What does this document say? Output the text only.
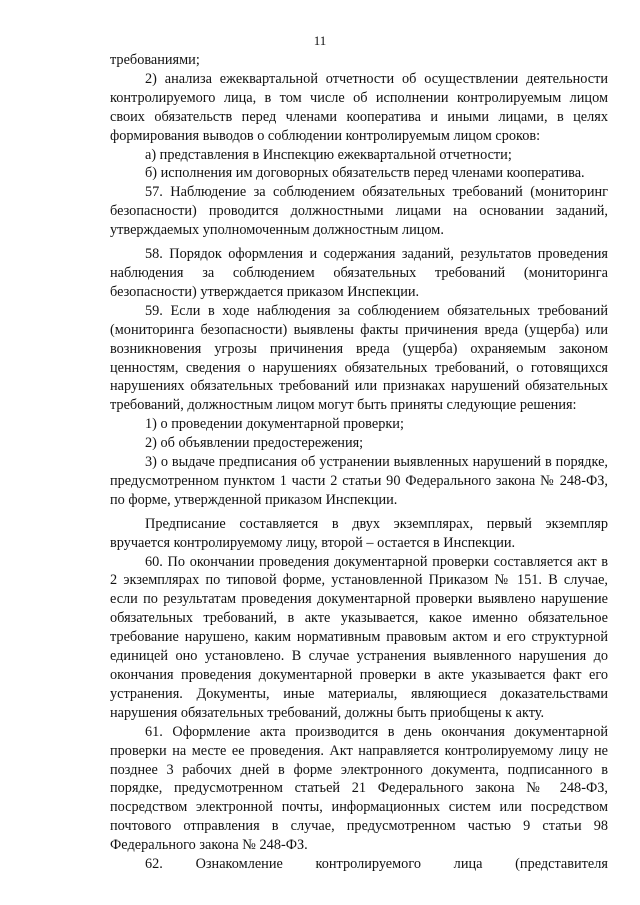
11

требованиями;

2) анализа ежеквартальной отчетности об осуществлении деятельности контролируемого лица, в том числе об исполнении контролируемым лицом своих обязательств перед членами кооператива и иными лицами, в целях формирования выводов о соблюдении контролируемым лицом сроков:

а) представления в Инспекцию ежеквартальной отчетности;

б) исполнения им договорных обязательств перед членами кооператива.

57. Наблюдение за соблюдением обязательных требований (мониторинг безопасности) проводится должностными лицами на основании заданий, утверждаемых уполномоченным должностным лицом.

58. Порядок оформления и содержания заданий, результатов проведения наблюдения за соблюдением обязательных требований (мониторинга безопасности) утверждается приказом Инспекции.

59. Если в ходе наблюдения за соблюдением обязательных требований (мониторинга безопасности) выявлены факты причинения вреда (ущерба) или возникновения угрозы причинения вреда (ущерба) охраняемым законом ценностям, сведения о нарушениях обязательных требований, о готовящихся нарушениях обязательных требований или признаках нарушений обязательных требований, должностным лицом могут быть приняты следующие решения:

1) о проведении документарной проверки;

2) об объявлении предостережения;

3) о выдаче предписания об устранении выявленных нарушений в порядке, предусмотренном пунктом 1 части 2 статьи 90 Федерального закона № 248-ФЗ, по форме, утвержденной приказом Инспекции.

Предписание составляется в двух экземплярах, первый экземпляр вручается контролируемому лицу, второй – остается в Инспекции.

60. По окончании проведения документарной проверки составляется акт в 2 экземплярах по типовой форме, установленной Приказом № 151. В случае, если по результатам проведения документарной проверки выявлено нарушение обязательных требований, в акте указывается, какое именно обязательное требование нарушено, каким нормативным правовым актом и его структурной единицей оно установлено. В случае устранения выявленного нарушения до окончания проведения документарной проверки в акте указывается факт его устранения. Документы, иные материалы, являющиеся доказательствами нарушения обязательных требований, должны быть приобщены к акту.

61. Оформление акта производится в день окончания документарной проверки на месте ее проведения. Акт направляется контролируемому лицу не позднее 3 рабочих дней в форме электронного документа, подписанного в порядке, предусмотренном статьей 21 Федерального закона № 248-ФЗ, посредством электронной почты, информационных систем или посредством почтового отправления в случае, предусмотренном частью 9 статьи 98 Федерального закона № 248-ФЗ.

62. Ознакомление контролируемого лица (представителя
